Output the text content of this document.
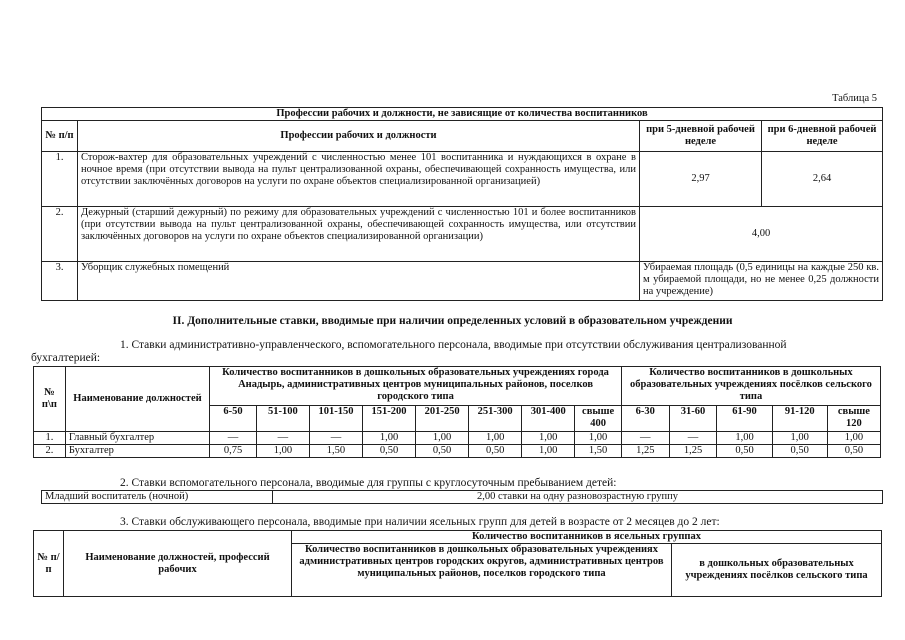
Таблица 5
Профессии рабочих и должности, не зависящие от количества воспитанников			
№ п/п	Профессии рабочих и должности	при 5-дневной рабочей неделе	при 6-дневной рабочей неделе
1.	Сторож-вахтер для образовательных учреждений с численностью менее 101 воспитанника и нуждающихся в охране в ночное время (при отсутствии вывода на пульт централизованной охраны, обеспечивающей сохранность имущества, или отсутствии заключённых договоров на услуги по охране объектов специализированной организацией)	2,97	2,64
2.	Дежурный (старший дежурный) по режиму для образовательных учреждений с численностью 101 и более воспитанников (при отсутствии вывода на пульт централизованной охраны, обеспечивающей сохранность имущества, или отсутствии заключённых договоров на услуги по охране объектов специализированной организации)	4,00	
3.	Уборщик служебных помещений	Убираемая площадь (0,5 единицы на каждые 250 кв. м убираемой площади, но не менее 0,25 должности на учреждение)	
II. Дополнительные ставки, вводимые при наличии определенных условий в образовательном учреждении
1. Ставки административно-управленческого, вспомогательного персонала, вводимые при отсутствии обслуживания централизованной
бухгалтерией:
№ п\п	Наименование должностей	Количество воспитанников в дошкольных образовательных учреждениях города Анадырь, административных центров муниципальных районов, поселков городского типа								Количество воспитанников в дошкольных образовательных учреждениях посёлков сельского типа				
		6-50	51-100	101-150	151-200	201-250	251-300	301-400	свыше 400	6-30	31-60	61-90	91-120	свыше 120
1.	Главный бухгалтер	—	—	—	1,00	1,00	1,00	1,00	1,00	—	—	1,00	1,00	1,00
2.	Бухгалтер	0,75	1,00	1,50	0,50	0,50	0,50	1,00	1,50	1,25	1,25	0,50	0,50	0,50
2. Ставки вспомогательного персонала, вводимые для группы с круглосуточным пребыванием детей:
Младший воспитатель (ночной)	2,00 ставки на одну разновозрастную группу
3. Ставки обслуживающего персонала, вводимые при наличии ясельных групп для детей в возрасте от 2 месяцев до 2 лет:
№ п/п	Наименование должностей, профессий рабочих	Количество воспитанников в ясельных группах	
		Количество воспитанников в дошкольных образовательных учреждениях административных центров городских округов, административных центров муниципальных районов, поселков городского типа	в дошкольных образовательных учреждениях посёлков сельского типа
